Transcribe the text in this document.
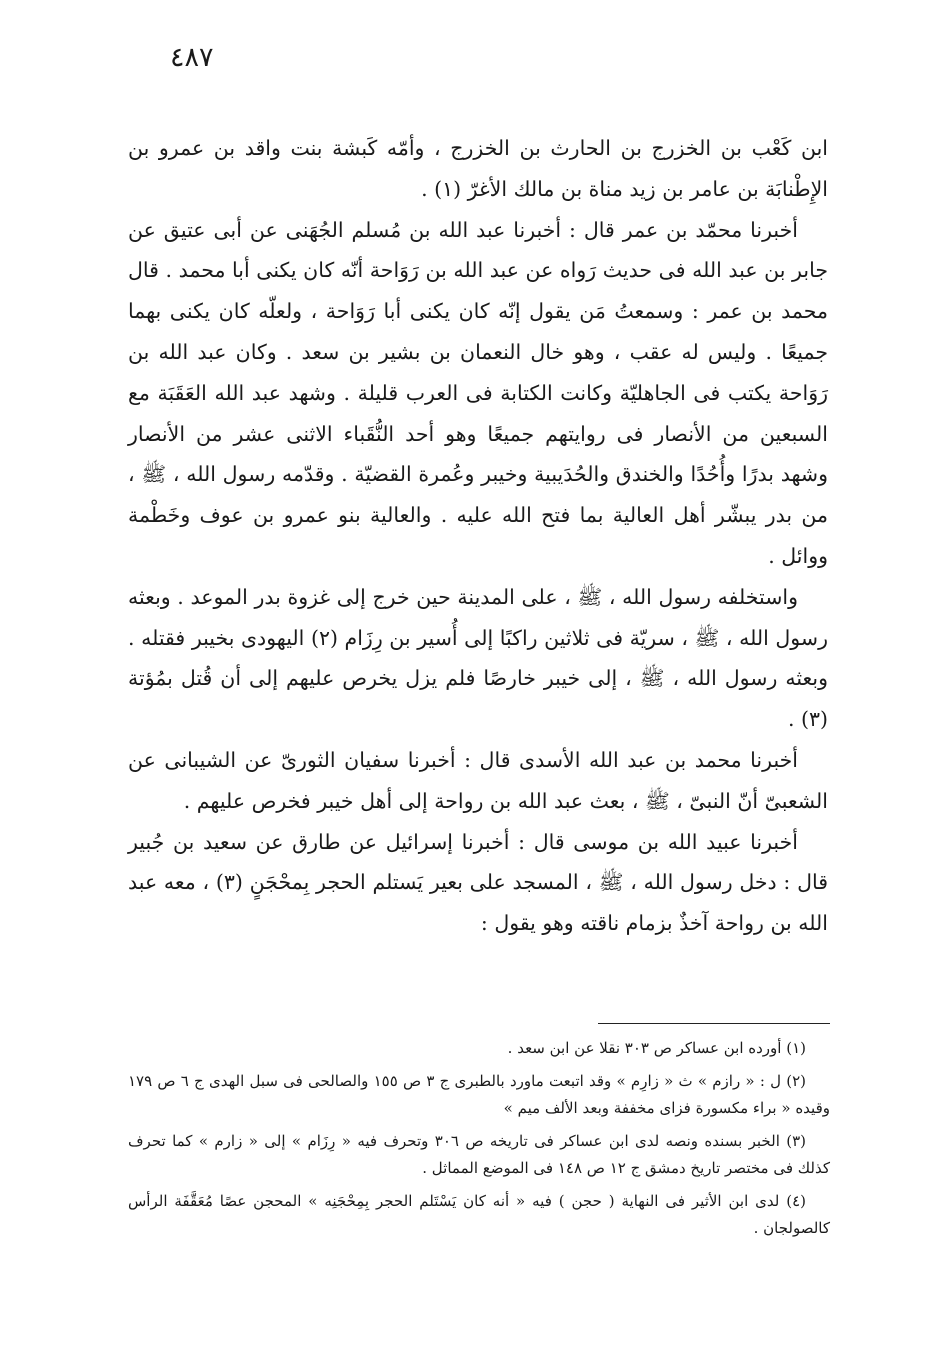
٤٨٧

ابن كَعْب بن الخزرج بن الحارث بن الخزرج ، وأمّه كَبشة بنت واقد بن عمرو بن الإِطْنابَة بن عامر بن زيد مناة بن مالك الأغرّ (١) .

أخبرنا محمّد بن عمر قال : أخبرنا عبد الله بن مُسلم الجُهَنى عن أبى عتيق عن جابر بن عبد الله فى حديث رَواه عن عبد الله بن رَوَاحة أنّه كان يكنى أبا محمد . قال محمد بن عمر : وسمعتُ مَن يقول إنّه كان يكنى أبا رَوَاحة ، ولعلّه كان يكنى بهما جميعًا . وليس له عقب ، وهو خال النعمان بن بشير بن سعد . وكان عبد الله بن رَوَاحة يكتب فى الجاهليّة وكانت الكتابة فى العرب قليلة . وشهد عبد الله العَقَبَة مع السبعين من الأنصار فى روايتهم جميعًا وهو أحد النُّقَباء الاثنى عشر من الأنصار وشهد بدرًا وأُحُدًا والخندق والحُدَيبية وخيبر وعُمرة القضيّة . وقدّمه رسول الله ، ﷺ ، من بدر يبشّر أهل العالية بما فتح الله عليه . والعالية بنو عمرو بن عوف وخَطْمة ووائل .

واستخلفه رسول الله ، ﷺ ، على المدينة حين خرج إلى غزوة بدر الموعد . وبعثه رسول الله ، ﷺ ، سريّة فى ثلاثين راكبًا إلى أُسير بن رِزَام (٢) اليهودى بخيبر فقتله . وبعثه رسول الله ، ﷺ ، إلى خيبر خارصًا فلم يزل يخرص عليهم إلى أن قُتل بمُؤتة (٣) .

أخبرنا محمد بن عبد الله الأسدى قال : أخبرنا سفيان الثورىّ عن الشيبانى عن الشعبىّ أنّ النبىّ ، ﷺ ، بعث عبد الله بن رواحة إلى أهل خيبر فخرص عليهم .

أخبرنا عبيد الله بن موسى قال : أخبرنا إسرائيل عن طارق عن سعيد بن جُبير قال : دخل رسول الله ، ﷺ ، المسجد على بعير يَستلم الحجر بِمحْجَنٍ (٣) ، معه عبد الله بن رواحة آخذٌ بزمام ناقته وهو يقول :

(١) أورده ابن عساكر ص ٣٠٣ نقلا عن ابن سعد .

(٢) ل : « رازم » ث « زارِم » وقد اتبعت ماورد بالطبرى ج ٣ ص ١٥٥ والصالحى فى سبل الهدى ج ٦ ص ١٧٩ وقيده « براء مكسورة فزاى مخففة وبعد الألف ميم »

(٣) الخبر بسنده ونصه لدى ابن عساكر فى تاريخه ص ٣٠٦ وتحرف فيه « رِزَام » إلى « زارم » كما تحرف كذلك فى مختصر تاريخ دمشق ج ١٢ ص ١٤٨ فى الموضع المماثل .

(٤) لدى ابن الأثير فى النهاية ( حجن ) فيه « أنه كان يَسْتَلم الحجر بِمِحْجَنِه » المحجن عصًا مُعَقَّفَة الرأس كالصولجان .
